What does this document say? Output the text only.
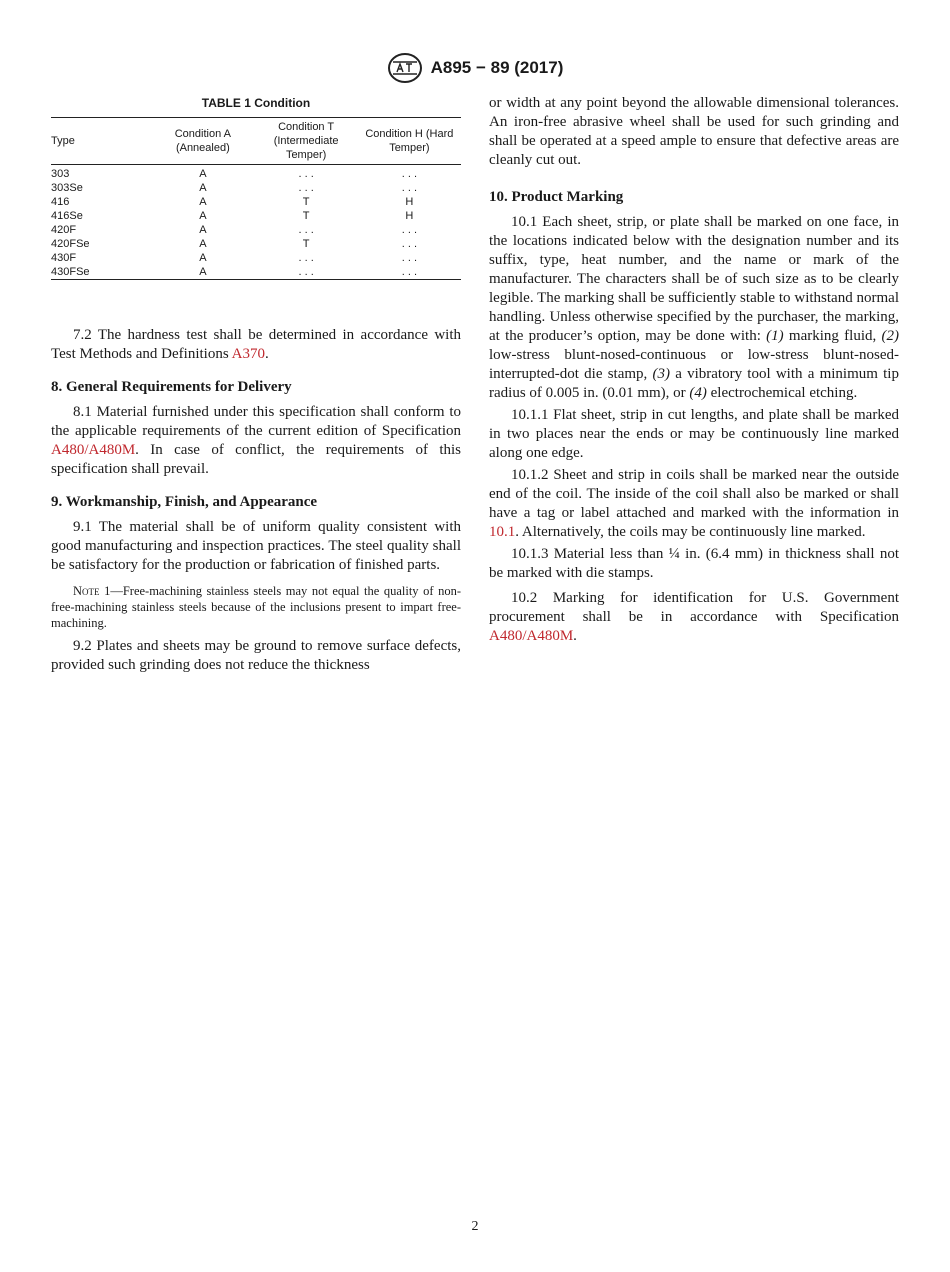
A895 − 89 (2017)
TABLE 1 Condition
Type	Condition A (Annealed)	Condition T (Intermediate Temper)	Condition H (Hard Temper)
303	A	. . .	. . .
303Se	A	. . .	. . .
416	A	T	H
416Se	A	T	H
420F	A	. . .	. . .
420FSe	A	T	. . .
430F	A	. . .	. . .
430FSe	A	. . .	. . .

7.2 The hardness test shall be determined in accordance with Test Methods and Definitions A370.

8. General Requirements for Delivery

8.1 Material furnished under this specification shall conform to the applicable requirements of the current edition of Specification A480/A480M. In case of conflict, the requirements of this specification shall prevail.

9. Workmanship, Finish, and Appearance

9.1 The material shall be of uniform quality consistent with good manufacturing and inspection practices. The steel quality shall be satisfactory for the production or fabrication of finished parts.

Note 1—Free-machining stainless steels may not equal the quality of non-free-machining stainless steels because of the inclusions present to impart free-machining.

9.2 Plates and sheets may be ground to remove surface defects, provided such grinding does not reduce the thickness

or width at any point beyond the allowable dimensional tolerances. An iron-free abrasive wheel shall be used for such grinding and shall be operated at a speed ample to ensure that defective areas are cleanly cut out.

10. Product Marking

10.1 Each sheet, strip, or plate shall be marked on one face, in the locations indicated below with the designation number and its suffix, type, heat number, and the name or mark of the manufacturer. The characters shall be of such size as to be clearly legible. The marking shall be sufficiently stable to withstand normal handling. Unless otherwise specified by the purchaser, the marking, at the producer’s option, may be done with: (1) marking fluid, (2) low-stress blunt-nosed-continuous or low-stress blunt-nosed-interrupted-dot die stamp, (3) a vibratory tool with a minimum tip radius of 0.005 in. (0.01 mm), or (4) electrochemical etching.

10.1.1 Flat sheet, strip in cut lengths, and plate shall be marked in two places near the ends or may be continuously line marked along one edge.

10.1.2 Sheet and strip in coils shall be marked near the outside end of the coil. The inside of the coil shall also be marked or shall have a tag or label attached and marked with the information in 10.1. Alternatively, the coils may be continuously line marked.

10.1.3 Material less than ¼ in. (6.4 mm) in thickness shall not be marked with die stamps.

10.2 Marking for identification for U.S. Government procurement shall be in accordance with Specification A480/A480M.

2
